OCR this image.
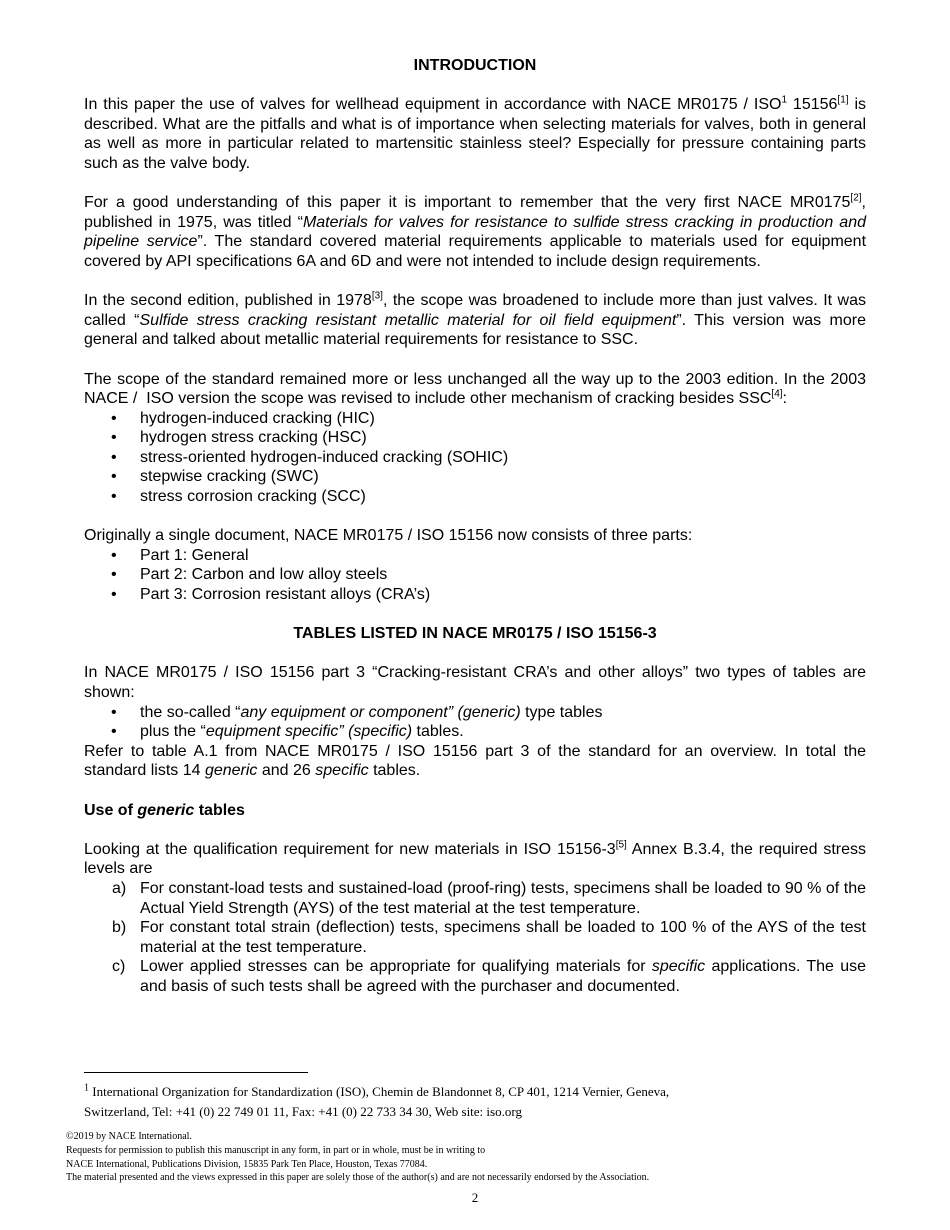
INTRODUCTION

In this paper the use of valves for wellhead equipment in accordance with NACE MR0175 / ISO$^1$ 15156[1] is described. What are the pitfalls and what is of importance when selecting materials for valves, both in general as well as more in particular related to martensitic stainless steel? Especially for pressure containing parts such as the valve body.

For a good understanding of this paper it is important to remember that the very first NACE MR0175[2], published in 1975, was titled “Materials for valves for resistance to sulfide stress cracking in production and pipeline service”. The standard covered material requirements applicable to materials used for equipment covered by API specifications 6A and 6D and were not intended to include design requirements.

In the second edition, published in 1978[3], the scope was broadened to include more than just valves. It was called “Sulfide stress cracking resistant metallic material for oil field equipment”. This version was more general and talked about metallic material requirements for resistance to SSC.

The scope of the standard remained more or less unchanged all the way up to the 2003 edition. In the 2003 NACE /  ISO version the scope was revised to include other mechanism of cracking besides SSC[4]:

• hydrogen-induced cracking (HIC)
• hydrogen stress cracking (HSC)
• stress-oriented hydrogen-induced cracking (SOHIC)
• stepwise cracking (SWC)
• stress corrosion cracking (SCC)

Originally a single document, NACE MR0175 / ISO 15156 now consists of three parts:

• Part 1: General
• Part 2: Carbon and low alloy steels
• Part 3: Corrosion resistant alloys (CRA’s)

TABLES LISTED IN NACE MR0175 / ISO 15156-3

In NACE MR0175 / ISO 15156 part 3 “Cracking-resistant CRA’s and other alloys” two types of tables are shown:

• the so-called “any equipment or component” (generic) type tables
• plus the “equipment specific” (specific) tables.

Refer to table A.1 from NACE MR0175 / ISO 15156 part 3 of the standard for an overview. In total the standard lists 14 generic and 26 specific tables.

Use of generic tables

Looking at the qualification requirement for new materials in ISO 15156-3[5] Annex B.3.4, the required stress levels are

a) For constant-load tests and sustained-load (proof-ring) tests, specimens shall be loaded to 90 % of the Actual Yield Strength (AYS) of the test material at the test temperature.
b) For constant total strain (deflection) tests, specimens shall be loaded to 100 % of the AYS of the test material at the test temperature.
c) Lower applied stresses can be appropriate for qualifying materials for specific applications. The use and basis of such tests shall be agreed with the purchaser and documented.
$^1$ International Organization for Standardization (ISO), Chemin de Blandonnet 8, CP 401, 1214 Vernier, Geneva,
Switzerland, Tel: +41 (0) 22 749 01 11, Fax: +41 (0) 22 733 34 30, Web site: iso.org
©2019 by NACE International.
Requests for permission to publish this manuscript in any form, in part or in whole, must be in writing to
NACE International, Publications Division, 15835 Park Ten Place, Houston, Texas 77084.
The material presented and the views expressed in this paper are solely those of the author(s) and are not necessarily endorsed by the Association.
2
